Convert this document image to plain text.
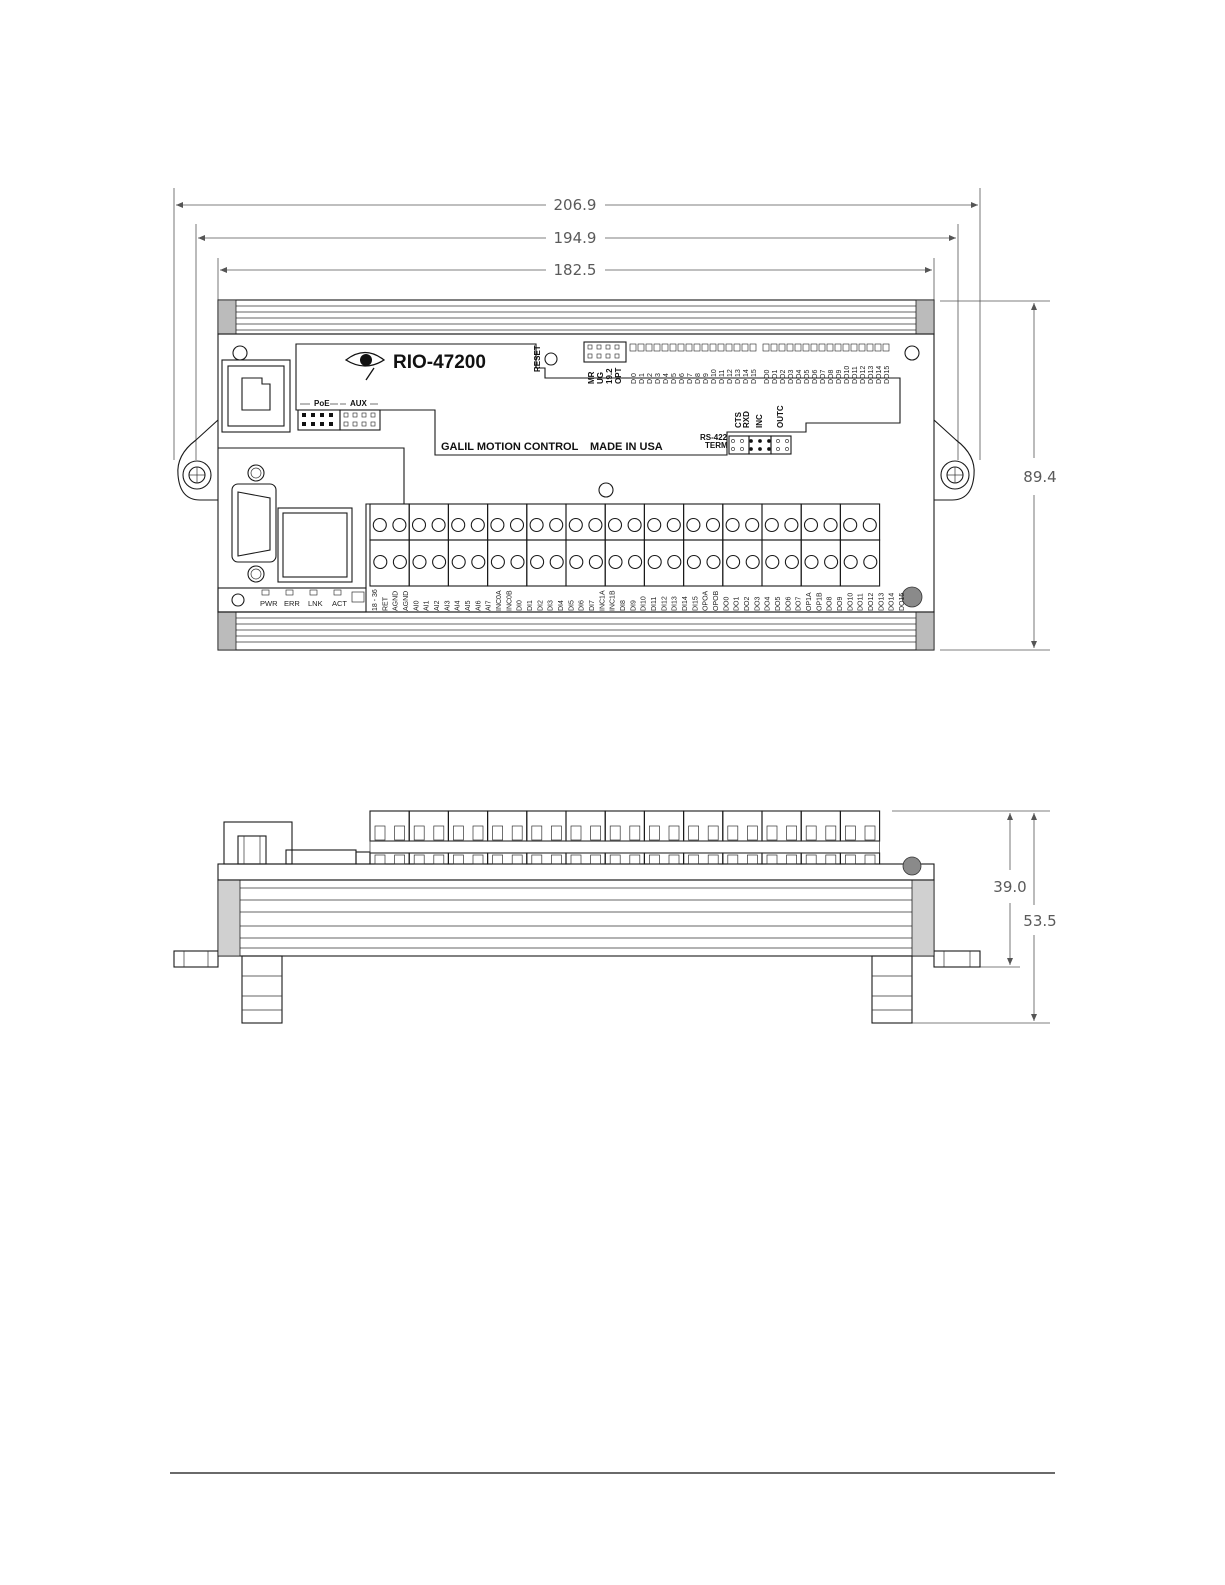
206.9
194.9
182.5
89.4
RIO-47200
GALIL MOTION CONTROL MADE IN USA
RESET
PoE	AUX
MR UG 19.2 OPT DI0 DI1 DI2 DI3 DI4 DI5 DI6 DI7 DI8 DI9 DI10 DI11 DI12 DI13 DI14 DI15 DO0 DO1 DO2 DO3 DO4 DO5 DO6 DO7 DO8 DO9 DO10 DO11 DO12 DO13 DO14 DO15
RS-422
TERM
CTS RXD INC OUTC
PWR ERR LNK ACT	18 - 36 RET AGND AGND AI0 AI1 AI2 AI3 AI4 AI5 AI6 AI7 INC0A INC0B DI0 DI1 DI2 DI3 DI4 DI5 DI6 DI7 INC1A INC1B DI8 DI9 DI10 DI11 DI12 DI13 DI14 DI15 OPOA OPOB DO0 DO1 DO2 DO3 DO4 DO5 DO6 DO7 OP1A OP1B DO8 DO9 DO10 DO11 DO12 DO13 DO14 DO15
39.0
53.5
